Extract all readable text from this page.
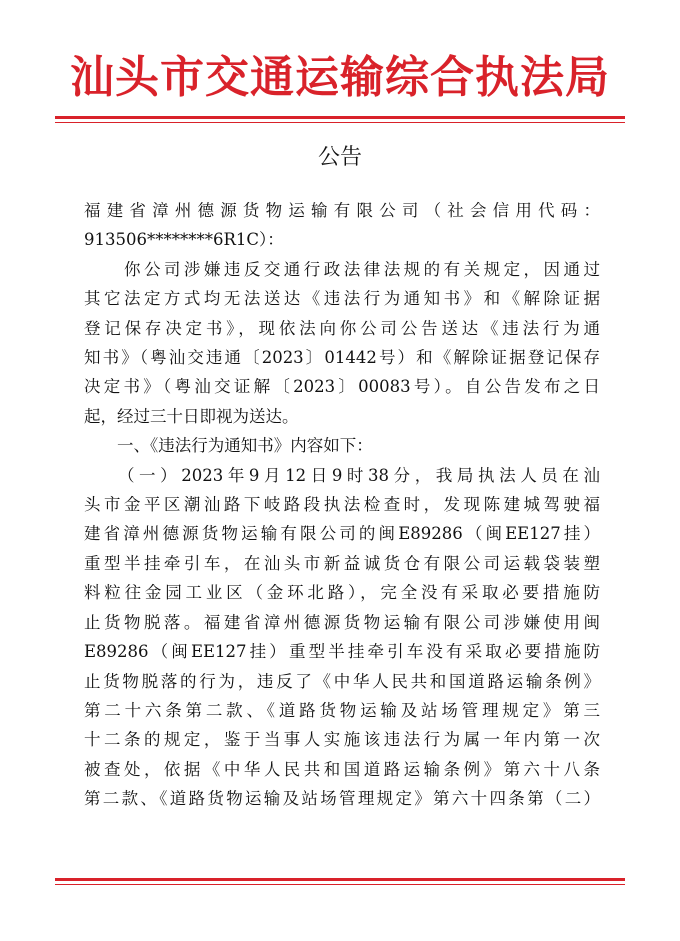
汕头市交通运输综合执法局
公告
福建省漳州德源货物运输有限公司（社会信用代码：
913506********6R1C）：
　　你公司涉嫌违反交通行政法律法规的有关规定，因通过
其它法定方式均无法送达《违法行为通知书》和《解除证据
登记保存决定书》，现依法向你公司公告送达《违法行为通
知书》（粤汕交违通〔2023〕01442号）和《解除证据登记保存
决定书》（粤汕交证解〔2023〕00083号）。自公告发布之日
起，经过三十日即视为送达。
　　一、《违法行为通知书》内容如下：
　　（一）2023年9月12日9时38分，我局执法人员在汕
头市金平区潮汕路下岐路段执法检查时，发现陈建城驾驶福
建省漳州德源货物运输有限公司的闽E89286（闽EE127挂）
重型半挂牵引车，在汕头市新益诚货仓有限公司运载袋装塑
料粒往金园工业区（金环北路），完全没有采取必要措施防
止货物脱落。福建省漳州德源货物运输有限公司涉嫌使用闽
E89286（闽EE127挂）重型半挂牵引车没有采取必要措施防
止货物脱落的行为，违反了《中华人民共和国道路运输条例》
第二十六条第二款、《道路货物运输及站场管理规定》第三
十二条的规定，鉴于当事人实施该违法行为属一年内第一次
被查处，依据《中华人民共和国道路运输条例》第六十八条
第二款、《道路货物运输及站场管理规定》第六十四条第（二）
